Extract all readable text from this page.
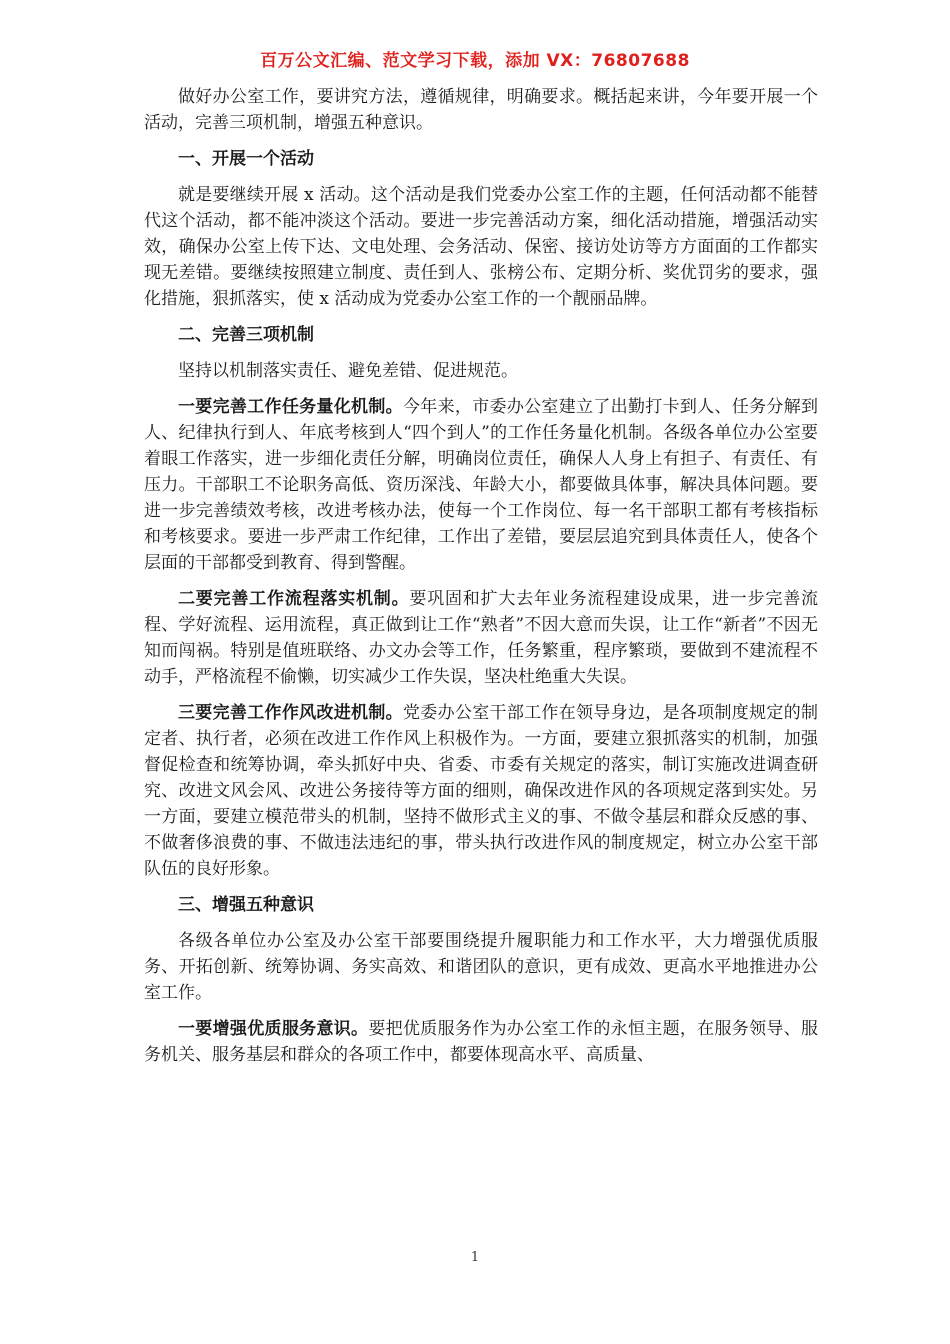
百万公文汇编、范文学习下载，添加 VX：76807688

做好办公室工作，要讲究方法，遵循规律，明确要求。概括起来讲，今年要开展一个活动，完善三项机制，增强五种意识。

一、开展一个活动

就是要继续开展 x 活动。这个活动是我们党委办公室工作的主题，任何活动都不能替代这个活动，都不能冲淡这个活动。要进一步完善活动方案，细化活动措施，增强活动实效，确保办公室上传下达、文电处理、会务活动、保密、接访处访等方方面面的工作都实现无差错。要继续按照建立制度、责任到人、张榜公布、定期分析、奖优罚劣的要求，强化措施，狠抓落实，使 x 活动成为党委办公室工作的一个靓丽品牌。

二、完善三项机制

坚持以机制落实责任、避免差错、促进规范。

一要完善工作任务量化机制。今年来，市委办公室建立了出勤打卡到人、任务分解到人、纪律执行到人、年底考核到人“四个到人”的工作任务量化机制。各级各单位办公室要着眼工作落实，进一步细化责任分解，明确岗位责任，确保人人身上有担子、有责任、有压力。干部职工不论职务高低、资历深浅、年龄大小，都要做具体事，解决具体问题。要进一步完善绩效考核，改进考核办法，使每一个工作岗位、每一名干部职工都有考核指标和考核要求。要进一步严肃工作纪律，工作出了差错，要层层追究到具体责任人，使各个层面的干部都受到教育、得到警醒。

二要完善工作流程落实机制。要巩固和扩大去年业务流程建设成果，进一步完善流程、学好流程、运用流程，真正做到让工作“熟者”不因大意而失误，让工作“新者”不因无知而闯祸。特别是值班联络、办文办会等工作，任务繁重，程序繁琐，要做到不建流程不动手，严格流程不偷懒，切实减少工作失误，坚决杜绝重大失误。

三要完善工作作风改进机制。党委办公室干部工作在领导身边，是各项制度规定的制定者、执行者，必须在改进工作作风上积极作为。一方面，要建立狠抓落实的机制，加强督促检查和统筹协调，牵头抓好中央、省委、市委有关规定的落实，制订实施改进调查研究、改进文风会风、改进公务接待等方面的细则，确保改进作风的各项规定落到实处。另一方面，要建立模范带头的机制，坚持不做形式主义的事、不做令基层和群众反感的事、不做奢侈浪费的事、不做违法违纪的事，带头执行改进作风的制度规定，树立办公室干部队伍的良好形象。

三、增强五种意识

各级各单位办公室及办公室干部要围绕提升履职能力和工作水平，大力增强优质服务、开拓创新、统筹协调、务实高效、和谐团队的意识，更有成效、更高水平地推进办公室工作。

一要增强优质服务意识。要把优质服务作为办公室工作的永恒主题，在服务领导、服务机关、服务基层和群众的各项工作中，都要体现高水平、高质量、

1
